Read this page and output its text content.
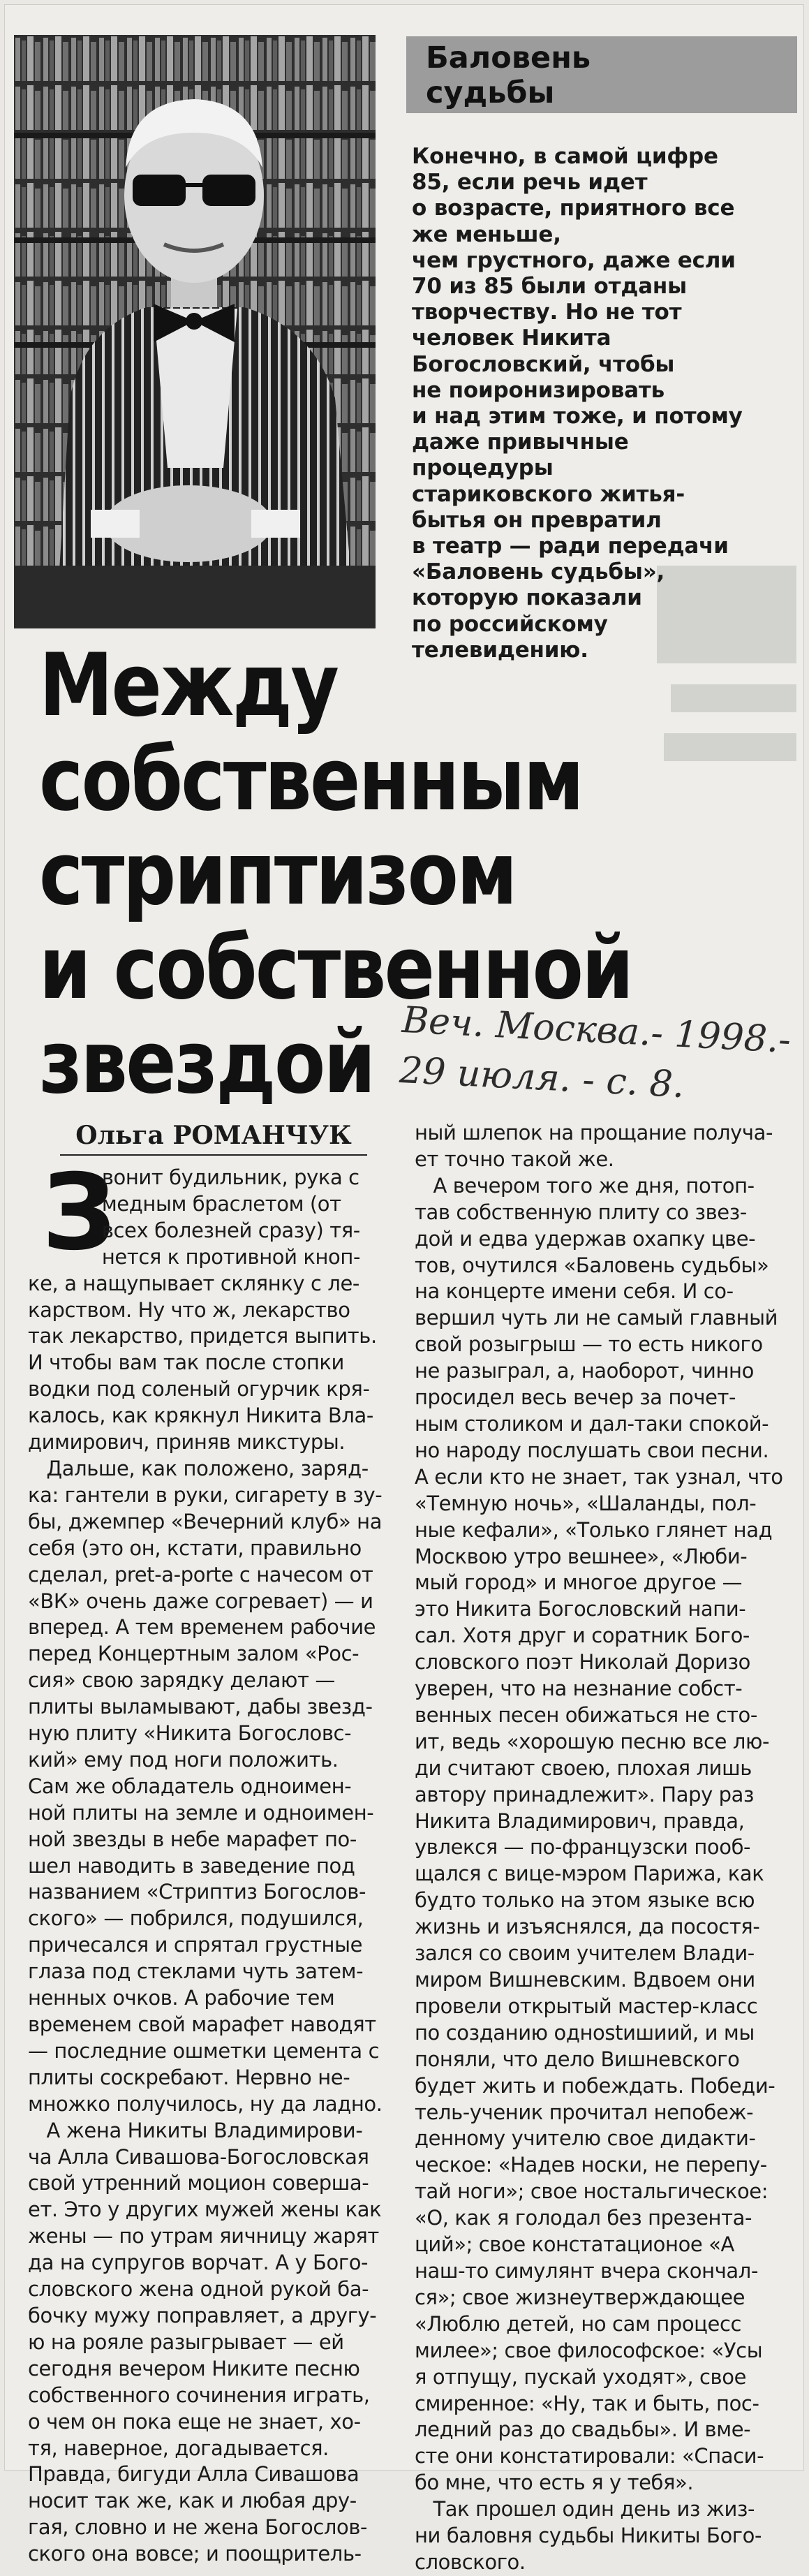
Баловень
судьбы
Конечно, в самой цифре
85, если речь идет
о возрасте, приятного все
же меньше,
чем грустного, даже если
70 из 85 были отданы
творчеству. Но не тот
человек Никита
Богословский, чтобы
не поиронизировать
и над этим тоже, и потому
даже привычные
процедуры
стариковского житья-
бытья он превратил
в театр — ради передачи
«Баловень судьбы»,
которую показали
по российскому
телевидению.
Между
собственным
стриптизом
и собственной
звездой Веч. Москва.- 1998.-
29 июля. - с. 8.
Ольга РОМАНЧУК
З

вонит будильник, рука с

медным браслетом (от

всех болезней сразу) тя-

нется к противной кноп-

ке, а нащупывает склянку с ле-

карством. Ну что ж, лекарство

так лекарство, придется выпить.

И чтобы вам так после стопки

водки под соленый огурчик кря-

калось, как крякнул Никита Вла-

димирович, приняв микстуры.

Дальше, как положено, заряд-

ка: гантели в руки, сигарету в зу-

бы, джемпер «Вечерний клуб» на

себя (это он, кстати, правильно

сделал, pret-a-porte с начесом от

«ВК» очень даже согревает) — и

вперед. А тем временем рабочие

перед Концертным залом «Рос-

сия» свою зарядку делают —

плиты выламывают, дабы звезд-

ную плиту «Никита Богословс-

кий» ему под ноги положить.

Сам же обладатель одноимен-

ной плиты на земле и одноимен-

ной звезды в небе марафет по-

шел наводить в заведение под

названием «Стриптиз Богослов-

ского» — побрился, подушился,

причесался и спрятал грустные

глаза под стеклами чуть затем-

ненных очков. А рабочие тем

временем свой марафет наводят

— последние ошметки цемента с

плиты соскребают. Нервно не-

множко получилось, ну да ладно.

А жена Никиты Владимирови-

ча Алла Сивашова-Богословская

свой утренний моцион соверша-

ет. Это у других мужей жены как

жены — по утрам яичницу жарят

да на супругов ворчат. А у Бого-

словского жена одной рукой ба-

бочку мужу поправляет, а другу-

ю на рояле разыгрывает — ей

сегодня вечером Никите песню

собственного сочинения играть,

о чем он пока еще не знает, хо-

тя, наверное, догадывается.

Правда, бигуди Алла Сивашова

носит так же, как и любая дру-

гая, словно и не жена Богослов-

ского она вовсе; и поощритель-

ный шлепок на прощание получа-

ет точно такой же.

А вечером того же дня, потоп-

тав собственную плиту со звез-

дой и едва удержав охапку цве-

тов, очутился «Баловень судьбы»

на концерте имени себя. И со-

вершил чуть ли не самый главный

свой розыгрыш — то есть никого

не разыграл, а, наоборот, чинно

просидел весь вечер за почет-

ным столиком и дал-таки спокой-

но народу послушать свои песни.

А если кто не знает, так узнал, что

«Темную ночь», «Шаланды, пол-

ные кефали», «Только глянет над

Москвою утро вешнее», «Люби-

мый город» и многое другое —

это Никита Богословский напи-

сал. Хотя друг и соратник Бого-

словского поэт Николай Доризо

уверен, что на незнание собст-

венных песен обижаться не сто-

ит, ведь «хорошую песню все лю-

ди считают своею, плохая лишь

автору принадлежит». Пару раз

Никита Владимирович, правда,

увлекся — по-французски пооб-

щался с вице-мэром Парижа, как

будто только на этом языке всю

жизнь и изъяснялся, да посостя-

зался со своим учителем Влади-

миром Вишневским. Вдвоем они

провели открытый мастер-класс

по созданию однostишиий, и мы

поняли, что дело Вишневского

будет жить и побеждать. Победи-

тель-ученик прочитал непобеж-

денному учителю свое дидакти-

ческое: «Надев носки, не перепу-

тай ноги»; свое ностальгическое:

«О, как я голодал без презента-

ций»; свое констатационое «А

наш-то симулянт вчера скончал-

ся»; свое жизнеутверждающее

«Люблю детей, но сам процесс

милее»; свое философское: «Усы

я отпущу, пускай уходят», свое

смиренное: «Ну, так и быть, пос-

ледний раз до свадьбы». И вме-

сте они констатировали: «Спаси-

бо мне, что есть я у тебя».

Так прошел один день из жиз-

ни баловня судьбы Никиты Бого-

словского.
